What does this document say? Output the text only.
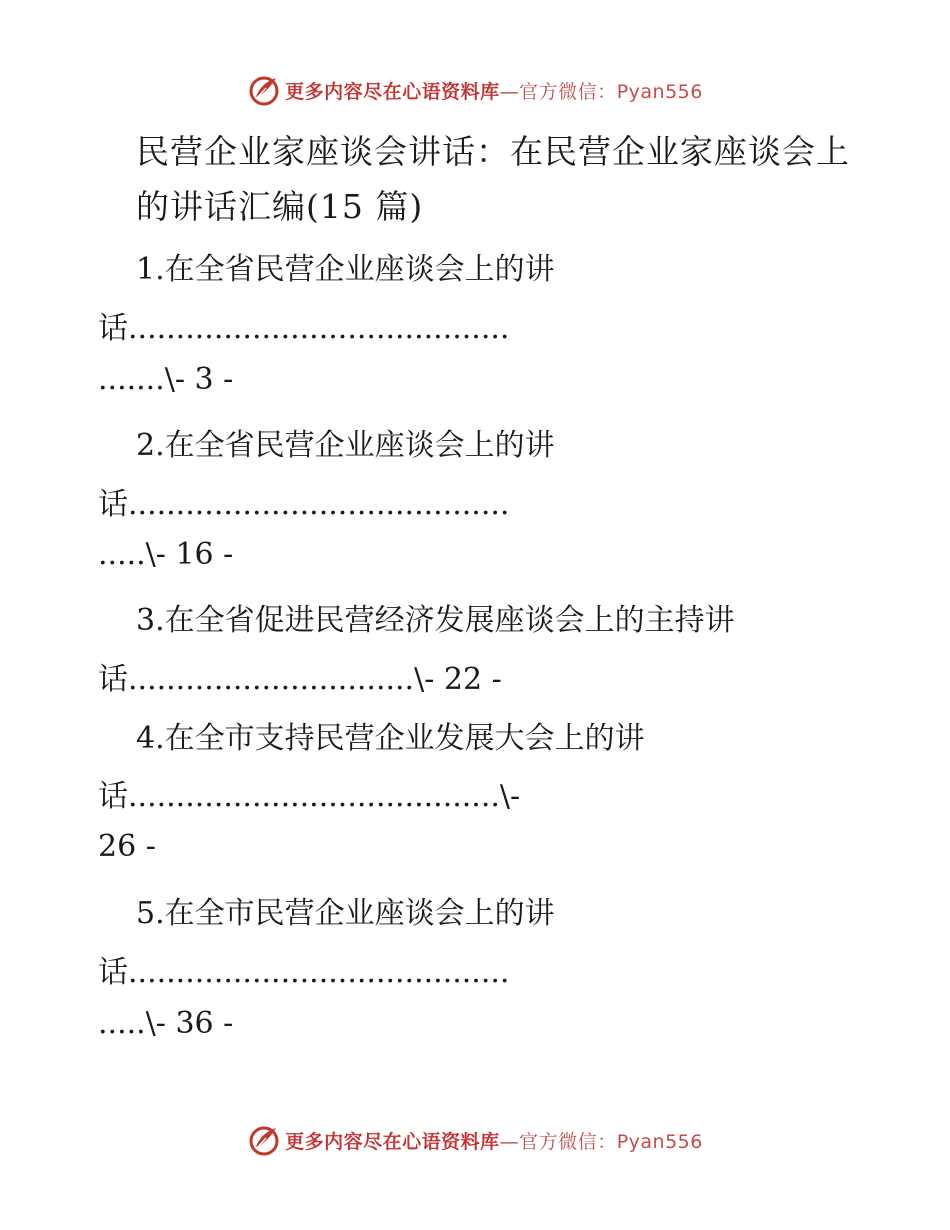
更多内容尽在心语资料库—官方微信：Pyan556
民营企业家座谈会讲话：在民营企业家座谈会上的讲话汇编(15 篇)
1.在全省民营企业座谈会上的讲
话........................................
.......\- 3 -
2.在全省民营企业座谈会上的讲
话........................................
.....\- 16 -
3.在全省促进民营经济发展座谈会上的主持讲
话..............................\- 22 -
4.在全市支持民营企业发展大会上的讲
话.......................................\-
26 -
5.在全市民营企业座谈会上的讲
话........................................
.....\- 36 -
更多内容尽在心语资料库—官方微信：Pyan556
